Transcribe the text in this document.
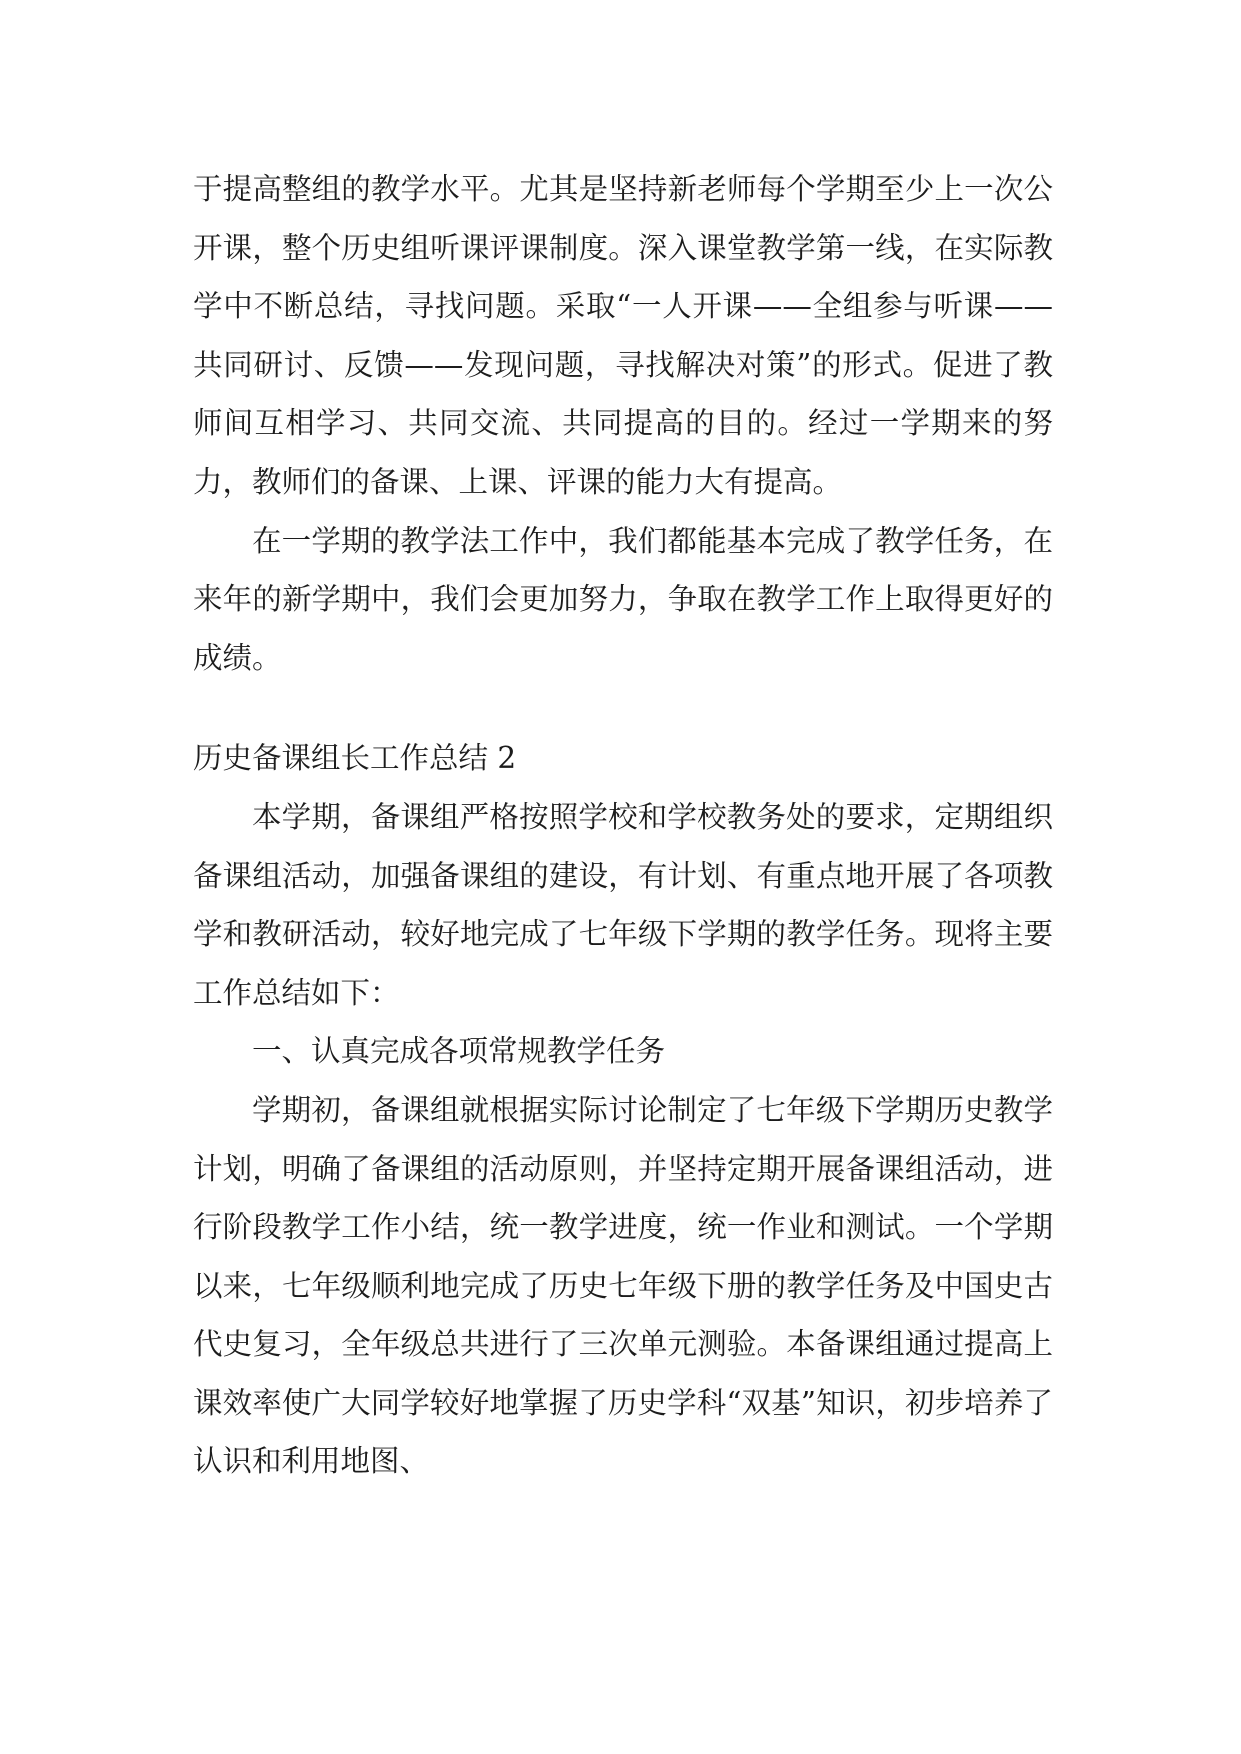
于提高整组的教学水平。尤其是坚持新老师每个学期至少上一次公开课，整个历史组听课评课制度。深入课堂教学第一线，在实际教学中不断总结，寻找问题。采取“一人开课——全组参与听课——共同研讨、反馈——发现问题，寻找解决对策”的形式。促进了教师间互相学习、共同交流、共同提高的目的。经过一学期来的努力，教师们的备课、上课、评课的能力大有提高。

在一学期的教学法工作中，我们都能基本完成了教学任务，在来年的新学期中，我们会更加努力，争取在教学工作上取得更好的成绩。

历史备课组长工作总结 2

本学期，备课组严格按照学校和学校教务处的要求，定期组织备课组活动，加强备课组的建设，有计划、有重点地开展了各项教学和教研活动，较好地完成了七年级下学期的教学任务。现将主要工作总结如下：

一、认真完成各项常规教学任务

学期初，备课组就根据实际讨论制定了七年级下学期历史教学计划，明确了备课组的活动原则，并坚持定期开展备课组活动，进行阶段教学工作小结，统一教学进度，统一作业和测试。一个学期以来，七年级顺利地完成了历史七年级下册的教学任务及中国史古代史复习，全年级总共进行了三次单元测验。本备课组通过提高上课效率使广大同学较好地掌握了历史学科“双基”知识，初步培养了认识和利用地图、
